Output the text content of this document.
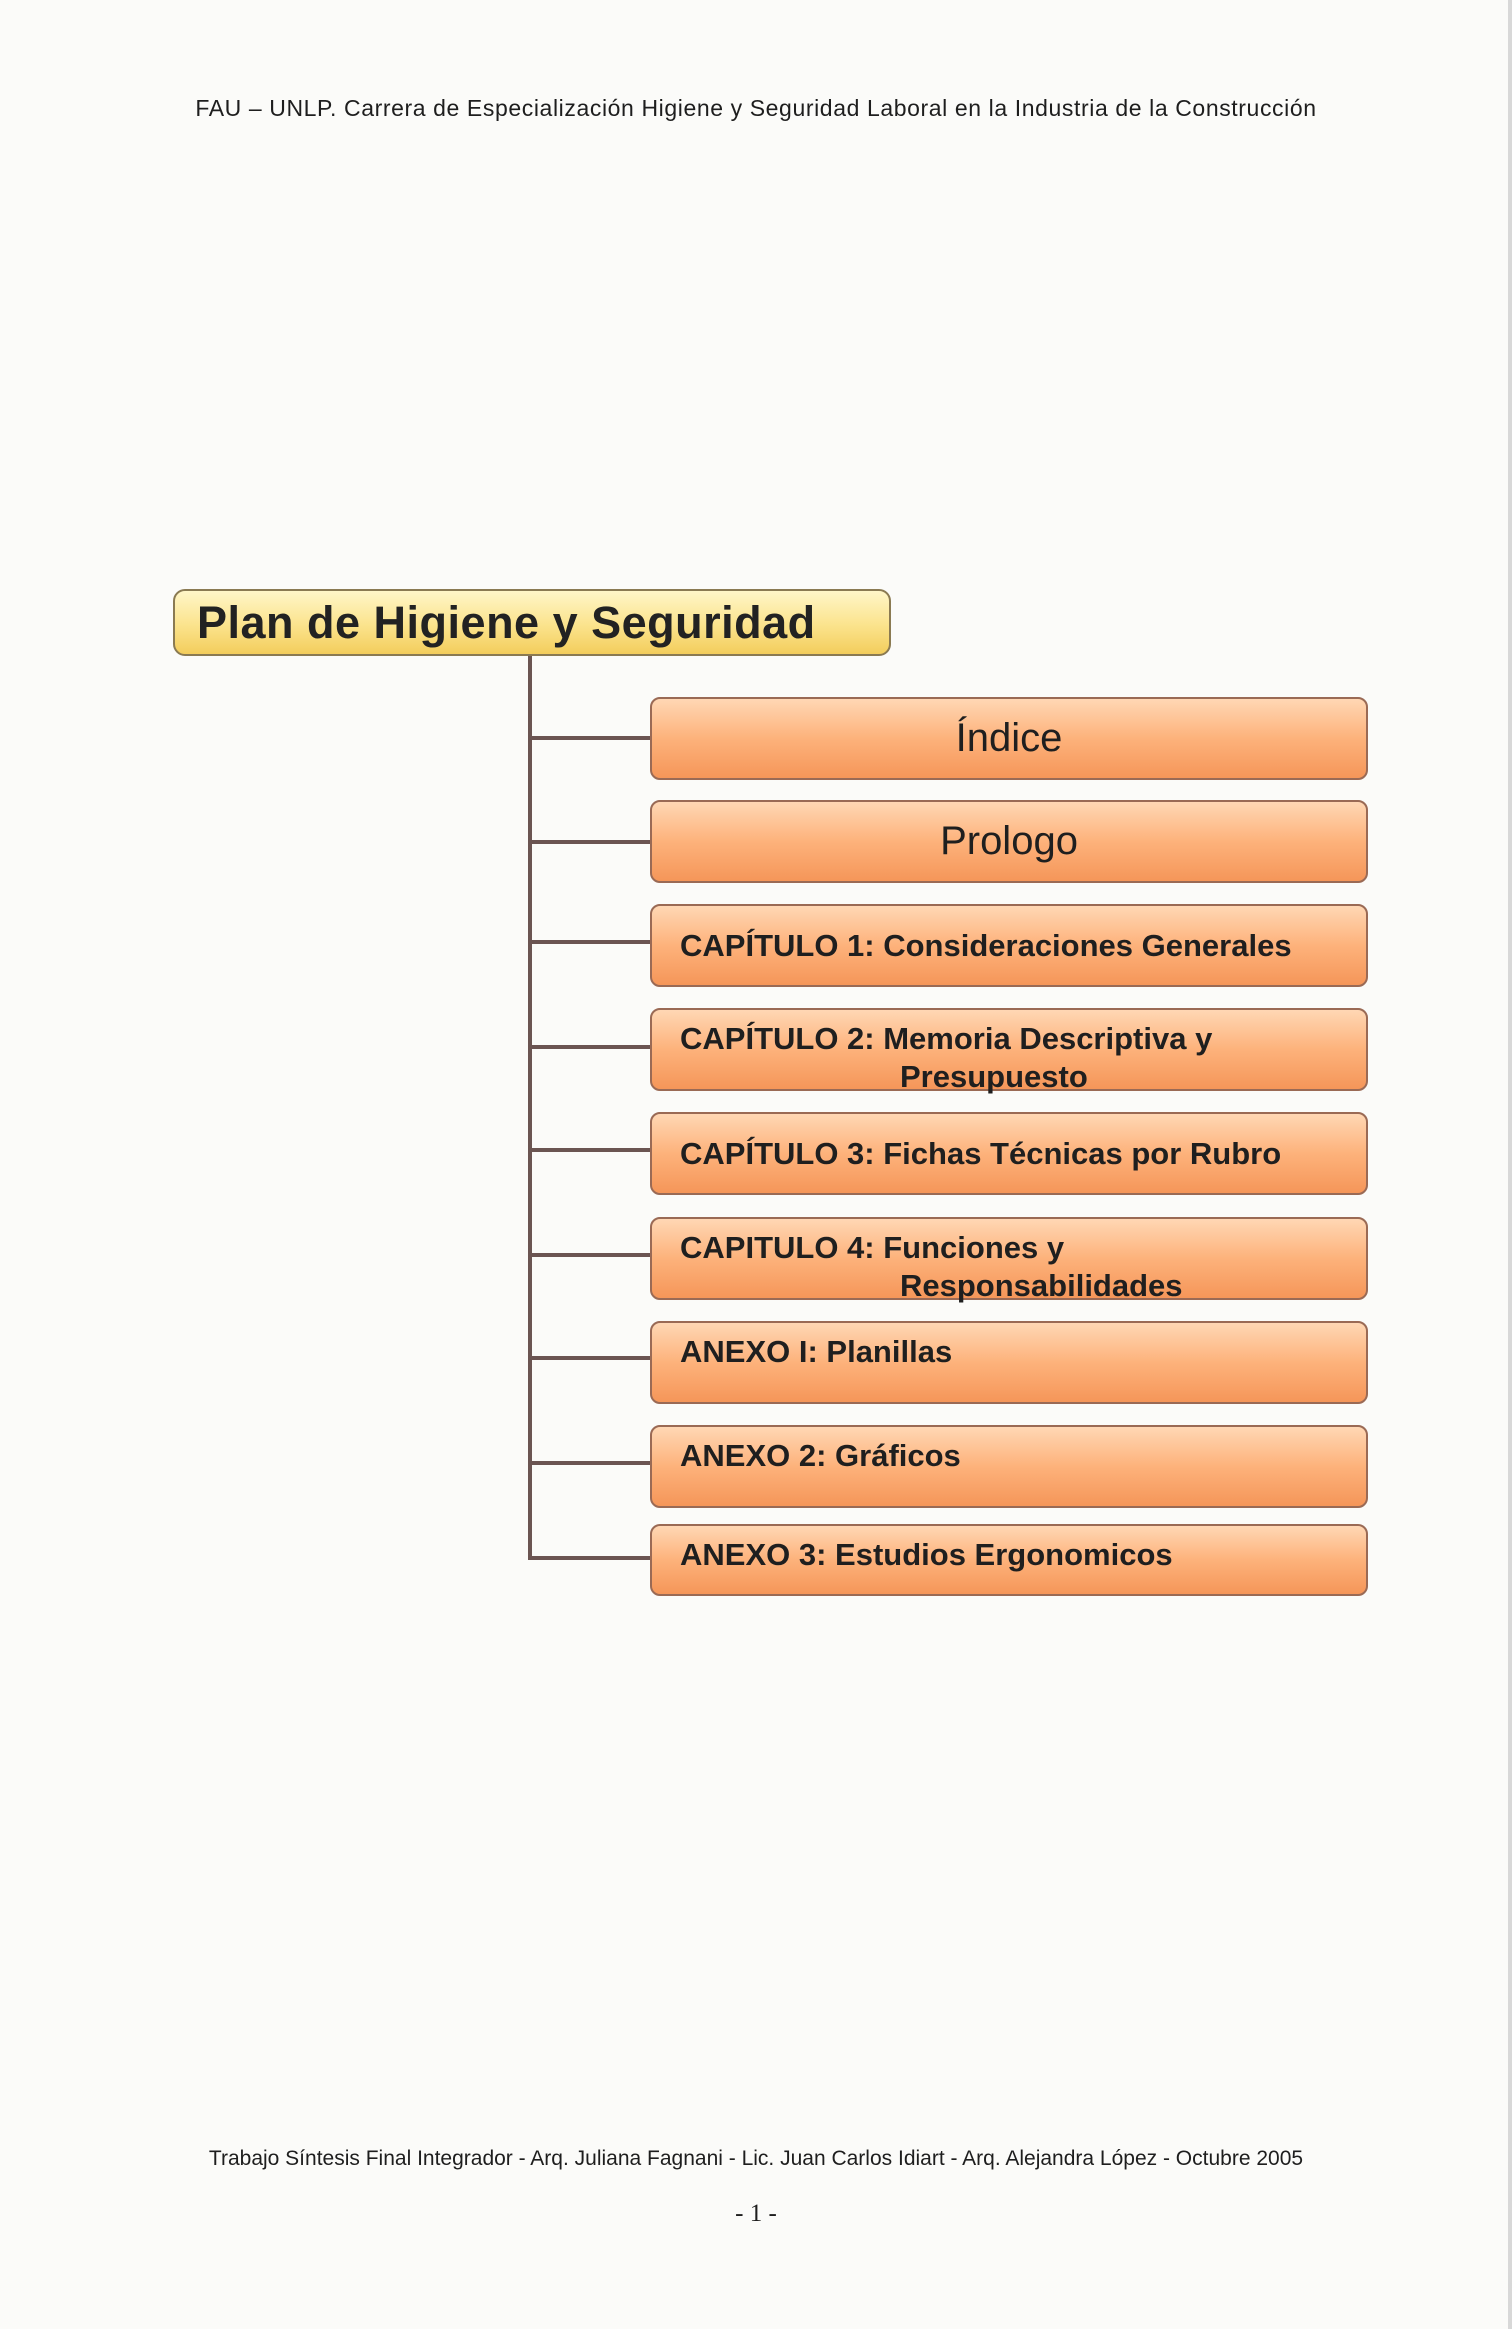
FAU – UNLP. Carrera de Especialización Higiene y Seguridad Laboral en la Industria de la Construcción
Plan de Higiene y Seguridad
Índice
Prologo
CAPÍTULO 1: Consideraciones Generales
CAPÍTULO 2: Memoria Descriptiva y
Presupuesto
CAPÍTULO 3: Fichas Técnicas por Rubro
CAPITULO 4: Funciones y
Responsabilidades
ANEXO I: Planillas
ANEXO 2: Gráficos
ANEXO 3: Estudios Ergonomicos
Trabajo Síntesis Final Integrador - Arq. Juliana Fagnani - Lic. Juan Carlos Idiart - Arq. Alejandra López - Octubre 2005
- 1 -
